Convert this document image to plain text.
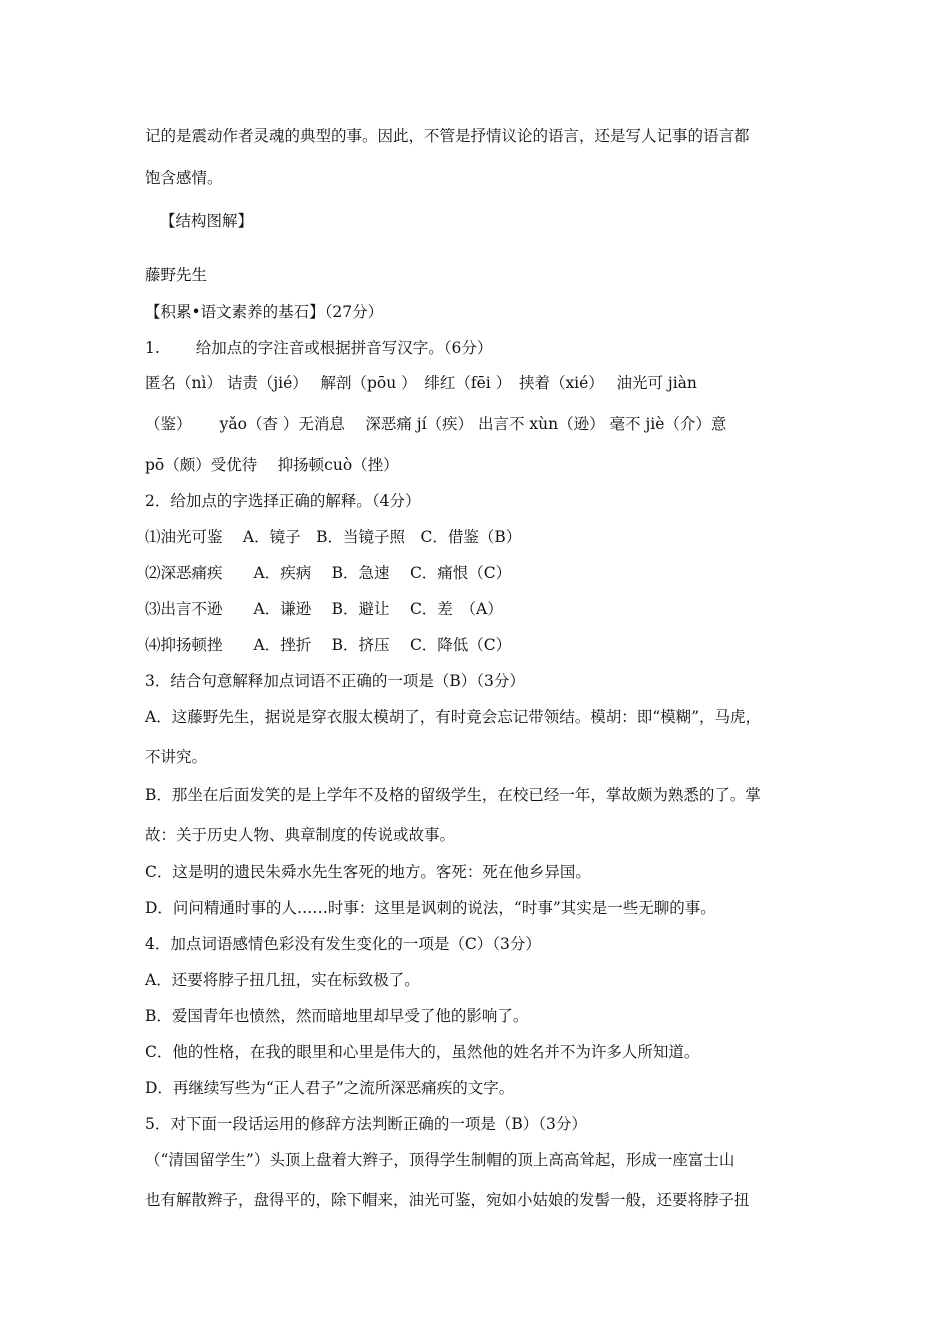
记的是震动作者灵魂的典型的事。因此，不管是抒情议论的语言，还是写人记事的语言都
饱含感情。
【结构图解】
藤野先生
【积累•语文素养的基石】（27分）
1.　　 给加点的字注音或根据拼音写汉字。（6分）
匿名（nì） 诘责（jié）　 解剖（pōu ）　绯红（fēi ）　挟着（xié）　 油光可 jiàn
（鉴）　　 yǎo（杳 ）无消息　 深恶痛 jí（疾） 出言不 xùn（逊） 毫不 jiè（介）意
pō（颇）受优待　 抑扬顿cuò（挫）
2．给加点的字选择正确的解释。（4分）
⑴油光可鉴　 A．镜子　B．当镜子照　C．借鉴（B）
⑵深恶痛疾　　A．疾病　 B．急速　 C．痛恨（C）
⑶出言不逊　　A．谦逊　 B．避让　 C．差　（A）
⑷抑扬顿挫　　A．挫折　 B．挤压　 C．降低（C）
3．结合句意解释加点词语不正确的一项是（B）（3分）
A．这藤野先生，据说是穿衣服太模胡了，有时竟会忘记带领结。模胡：即“模糊”，马虎，
不讲究。
B．那坐在后面发笑的是上学年不及格的留级学生，在校已经一年，掌故颇为熟悉的了。掌
故：关于历史人物、典章制度的传说或故事。
C．这是明的遗民朱舜水先生客死的地方。客死：死在他乡异国。
D．问问精通时事的人……时事：这里是讽刺的说法，“时事”其实是一些无聊的事。
4．加点词语感情色彩没有发生变化的一项是（C）（3分）
A．还要将脖子扭几扭，实在标致极了。
B．爱国青年也愤然，然而暗地里却早受了他的影响了。
C．他的性格，在我的眼里和心里是伟大的，虽然他的姓名并不为许多人所知道。
D．再继续写些为“正人君子”之流所深恶痛疾的文字。
5．对下面一段话运用的修辞方法判断正确的一项是（B）（3分）
（“清国留学生”）头顶上盘着大辫子，顶得学生制帽的顶上高高耸起，形成一座富士山
也有解散辫子，盘得平的，除下帽来，油光可鉴，宛如小姑娘的发髻一般，还要将脖子扭
